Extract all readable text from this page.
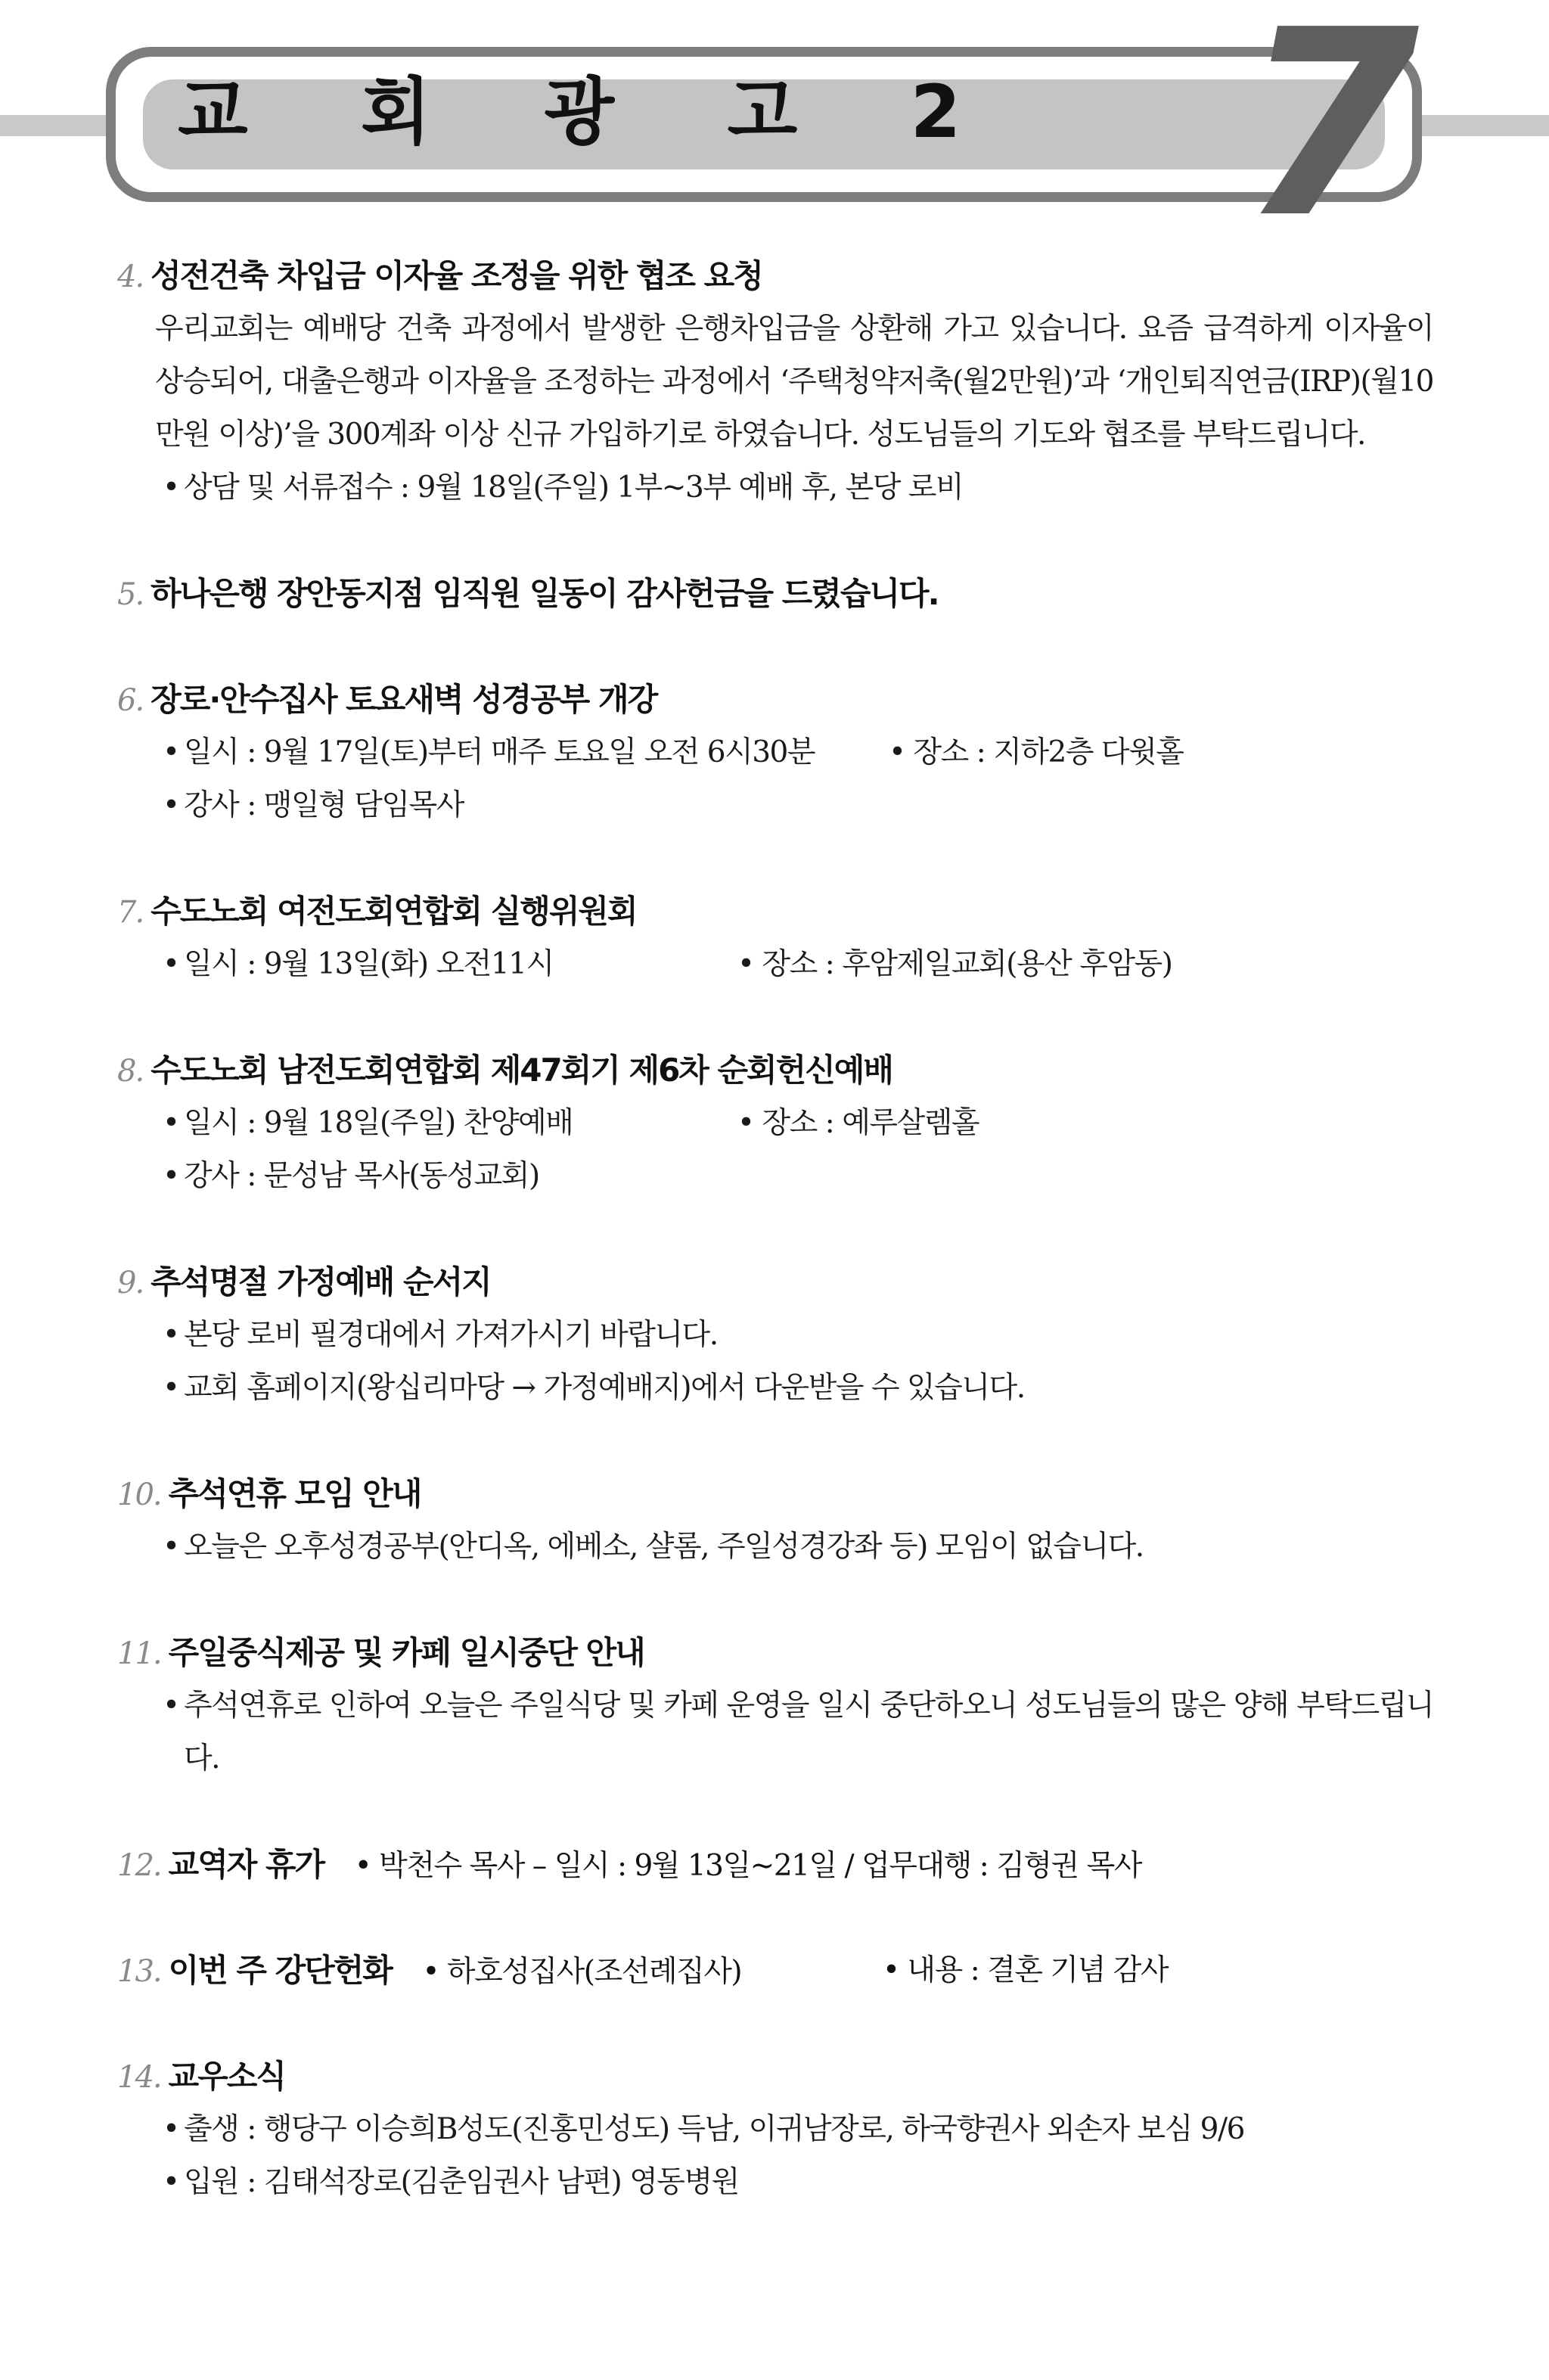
교 회 광 고 2 7
4. 성전건축 차입금 이자율 조정을 위한 협조 요청
우리교회는 예배당 건축 과정에서 발생한 은행차입금을 상환해 가고 있습니다. 요즘 급격하게 이자율이 상승되어, 대출은행과 이자율을 조정하는 과정에서 ‘주택청약저축(월2만원)’과 ‘개인퇴직연금(IRP)(월10만원 이상)’을 300계좌 이상 신규 가입하기로 하였습니다. 성도님들의 기도와 협조를 부탁드립니다.
• 상담 및 서류접수 : 9월 18일(주일) 1부~3부 예배 후, 본당 로비
5. 하나은행 장안동지점 임직원 일동이 감사헌금을 드렸습니다.
6. 장로·안수집사 토요새벽 성경공부 개강
• 일시 : 9월 17일(토)부터 매주 토요일 오전 6시30분	• 장소 : 지하2층 다윗홀
• 강사 : 맹일형 담임목사
7. 수도노회 여전도회연합회 실행위원회
• 일시 : 9월 13일(화) 오전11시	• 장소 : 후암제일교회(용산 후암동)
8. 수도노회 남전도회연합회 제47회기 제6차 순회헌신예배
• 일시 : 9월 18일(주일) 찬양예배	• 장소 : 예루살렘홀
• 강사 : 문성남 목사(동성교회)
9. 추석명절 가정예배 순서지
• 본당 로비 필경대에서 가져가시기 바랍니다.
• 교회 홈페이지(왕십리마당 → 가정예배지)에서 다운받을 수 있습니다.
10. 추석연휴 모임 안내
• 오늘은 오후성경공부(안디옥, 에베소, 샬롬, 주일성경강좌 등) 모임이 없습니다.
11. 주일중식제공 및 카페 일시중단 안내
• 추석연휴로 인하여 오늘은 주일식당 및 카페 운영을 일시 중단하오니 성도님들의 많은 양해 부탁드립니다.
12. 교역자 휴가 • 박천수 목사 – 일시 : 9월 13일~21일 / 업무대행 : 김형권 목사
13. 이번 주 강단헌화 • 하호성집사(조선례집사)	• 내용 : 결혼 기념 감사
14. 교우소식
• 출생 : 행당구 이승희B성도(진홍민성도) 득남, 이귀남장로, 하국향권사 외손자 보심 9/6
• 입원 : 김태석장로(김춘임권사 남편) 영동병원
